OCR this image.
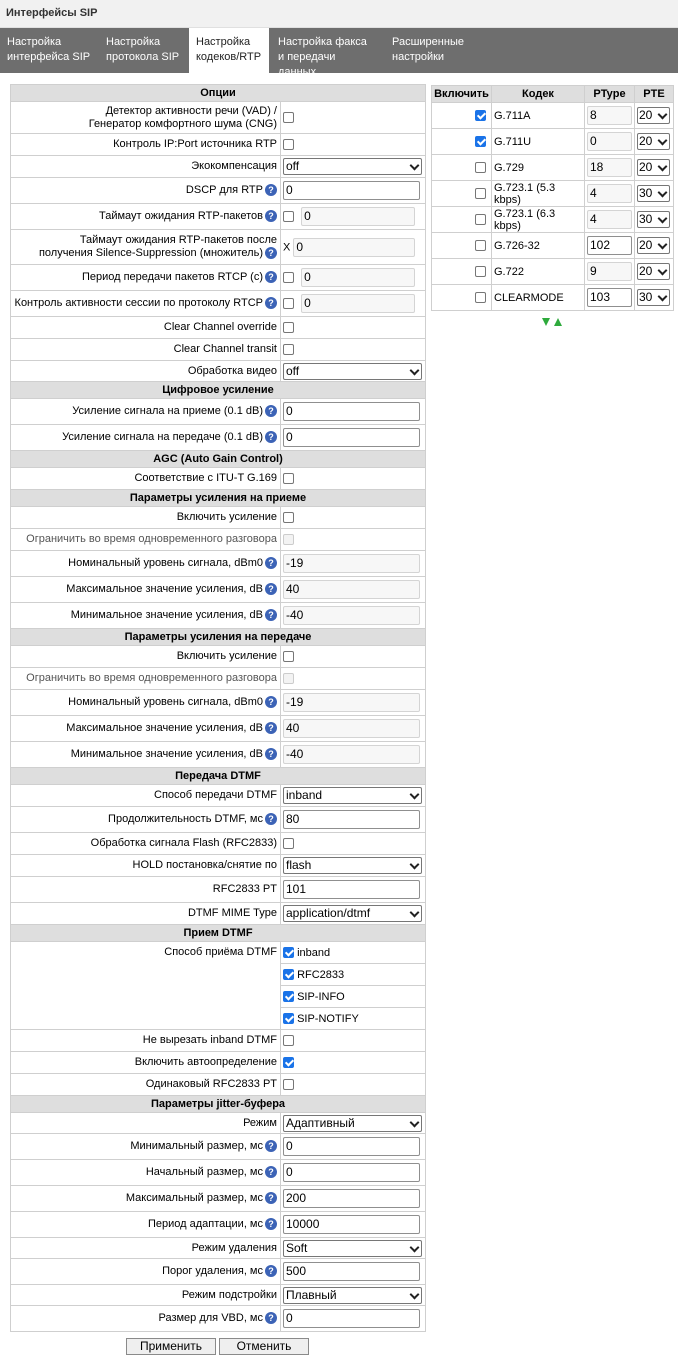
Интерфейсы SIP
Настройка
интерфейса SIP
Настройка
протокола SIP
Настройка
кодеков/RTP
Настройка факса
и передачи данных
Расширенные
настройки
Опции	
Детектор активности речи (VAD) /
Генератор комфортного шума (CNG)	
Контроль IP:Port источника RTP	
Экокомпенсация	off

DSCP для RTP ?	0
Таймаут ожидания RTP-пакетов ?	0
Таймаут ожидания RTP-пакетов после
получения Silence-Suppression (множитель) ?	X 0
Период передачи пакетов RTCP (с) ?	0
Контроль активности сессии по протоколу RTCP ?	0
Clear Channel override	
Clear Channel transit	
Обработка видео	off

Цифровое усиление	
Усиление сигнала на приеме (0.1 dB) ?	0
Усиление сигнала на передаче (0.1 dB) ?	0
AGC (Auto Gain Control)	
Соответствие с ITU-T G.169	
Параметры усиления на приеме	
Включить усиление	
Ограничить во время одновременного разговора	
Номинальный уровень сигнала, dBm0 ?	-19
Максимальное значение усиления, dB ?	40
Минимальное значение усиления, dB ?	-40
Параметры усиления на передаче	
Включить усиление	
Ограничить во время одновременного разговора	
Номинальный уровень сигнала, dBm0 ?	-19
Максимальное значение усиления, dB ?	40
Минимальное значение усиления, dB ?	-40
Передача DTMF	
Способ передачи DTMF	inband

Продолжительность DTMF, мс ?	80
Обработка сигнала Flash (RFC2833)	
HOLD постановка/снятие по	flash

RFC2833 PT	101
DTMF MIME Type	application/dtmf

Прием DTMF	
Способ приёма DTMF	inband
	RFC2833
	SIP-INFO
	SIP-NOTIFY
Не вырезать inband DTMF	
Включить автоопределение	
Одинаковый RFC2833 PT	
Параметры jitter-буфера	
Режим	Адаптивный

Минимальный размер, мс ?	0
Начальный размер, мс ?	0
Максимальный размер, мс ?	200
Период адаптации, мс ?	10000
Режим удаления	Soft

Порог удаления, мс ?	500
Режим подстройки	Плавный

Размер для VBD, мс ?	0
Включить	Кодек	PType	PTE
	G.711A	8	20

	G.711U	0	20

	G.729	18	20

	G.723.1 (5.3 kbps)	4	30

	G.723.1 (6.3 kbps)	4	30

	G.726-32	102	20

	G.722	9	20

	CLEARMODE	103	30
Применить	Отменить
